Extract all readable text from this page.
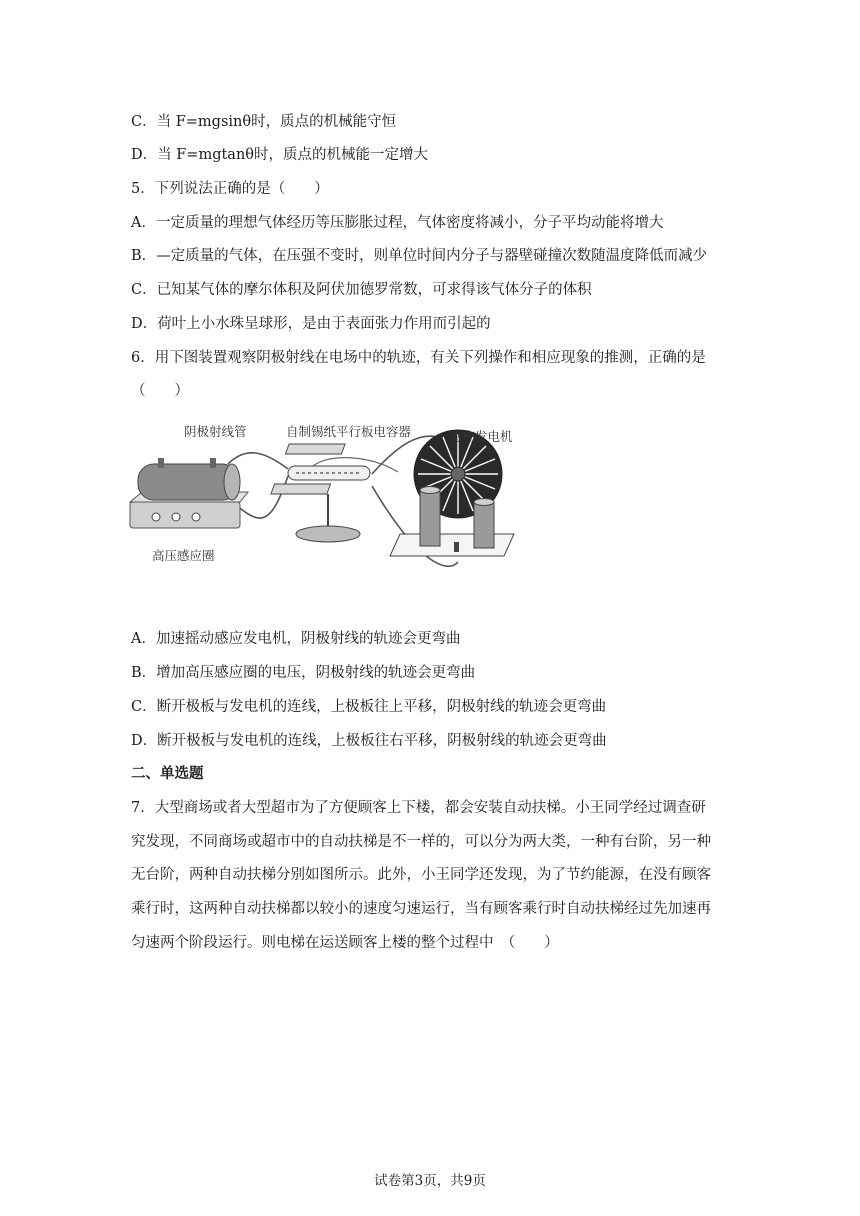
C．当 F=mgsinθ时，质点的机械能守恒
D．当 F=mgtanθ时，质点的机械能一定增大
5．下列说法正确的是（　　）
A．一定质量的理想气体经历等压膨胀过程，气体密度将减小，分子平均动能将增大
B．—定质量的气体，在压强不变时，则单位时间内分子与器壁碰撞次数随温度降低而减少
C．已知某气体的摩尔体积及阿伏加德罗常数，可求得该气体分子的体积
D．荷叶上小水珠呈球形，是由于表面张力作用而引起的
6．用下图装置观察阴极射线在电场中的轨迹，有关下列操作和相应现象的推测，正确的是
（　　）
阴极射线管	自制锡纸平行板电容器	感应发电机
高压感应圈
A．加速摇动感应发电机，阴极射线的轨迹会更弯曲
B．增加高压感应圈的电压，阴极射线的轨迹会更弯曲
C．断开极板与发电机的连线，上极板往上平移，阴极射线的轨迹会更弯曲
D．断开极板与发电机的连线，上极板往右平移，阴极射线的轨迹会更弯曲
二、单选题
7．大型商场或者大型超市为了方便顾客上下楼，都会安装自动扶梯。小王同学经过调查研
究发现，不同商场或超市中的自动扶梯是不一样的，可以分为两大类，一种有台阶，另一种
无台阶，两种自动扶梯分别如图所示。此外，小王同学还发现，为了节约能源，在没有顾客
乘行时，这两种自动扶梯都以较小的速度匀速运行，当有顾客乘行时自动扶梯经过先加速再
匀速两个阶段运行。则电梯在运送顾客上楼的整个过程中　（　　）
试卷第3页，共9页
